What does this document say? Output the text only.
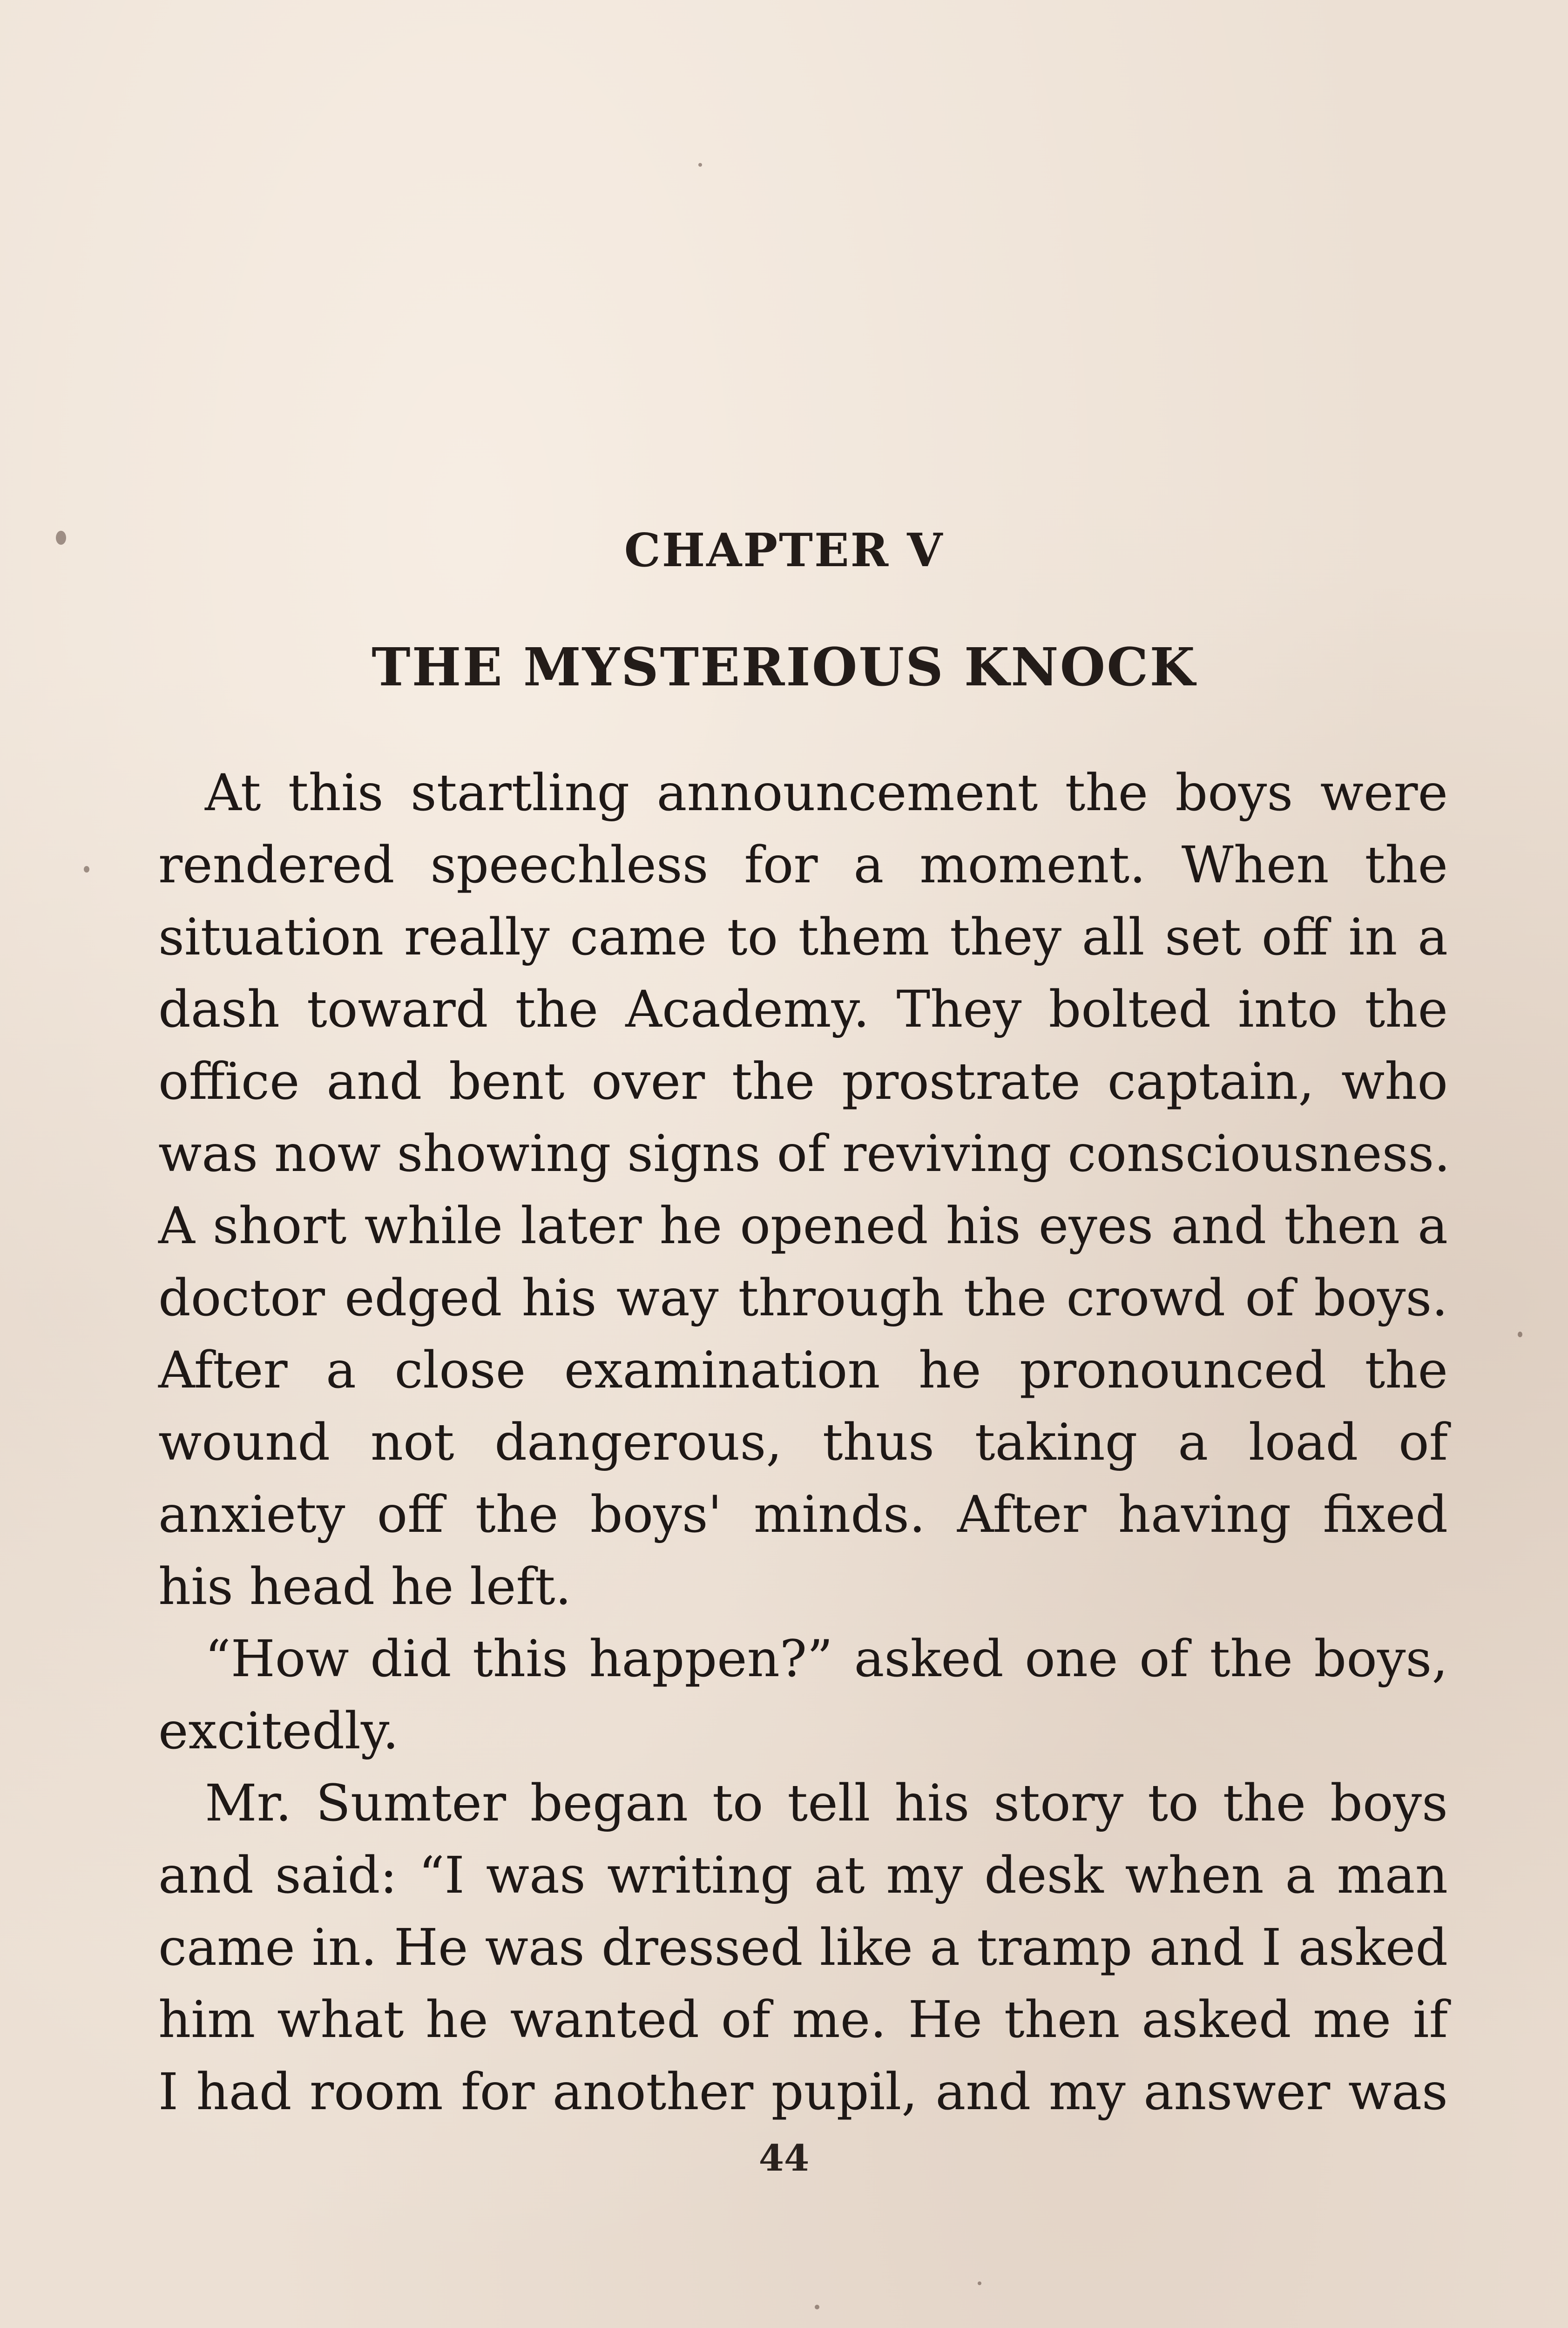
CHAPTER V
THE MYSTERIOUS KNOCK
At this startling announcement the boys were
rendered speechless for a moment. When the
situation really came to them they all set off in a
dash toward the Academy. They bolted into the
office and bent over the prostrate captain, who
was now showing signs of reviving consciousness.
A short while later he opened his eyes and then a
doctor edged his way through the crowd of boys.
After a close examination he pronounced the
wound not dangerous, thus taking a load of
anxiety off the boys' minds. After having fixed
his head he left.
“How did this happen?” asked one of the boys,
excitedly.
Mr. Sumter began to tell his story to the boys
and said: “I was writing at my desk when a man
came in. He was dressed like a tramp and I asked
him what he wanted of me. He then asked me if
I had room for another pupil, and my answer was
44
